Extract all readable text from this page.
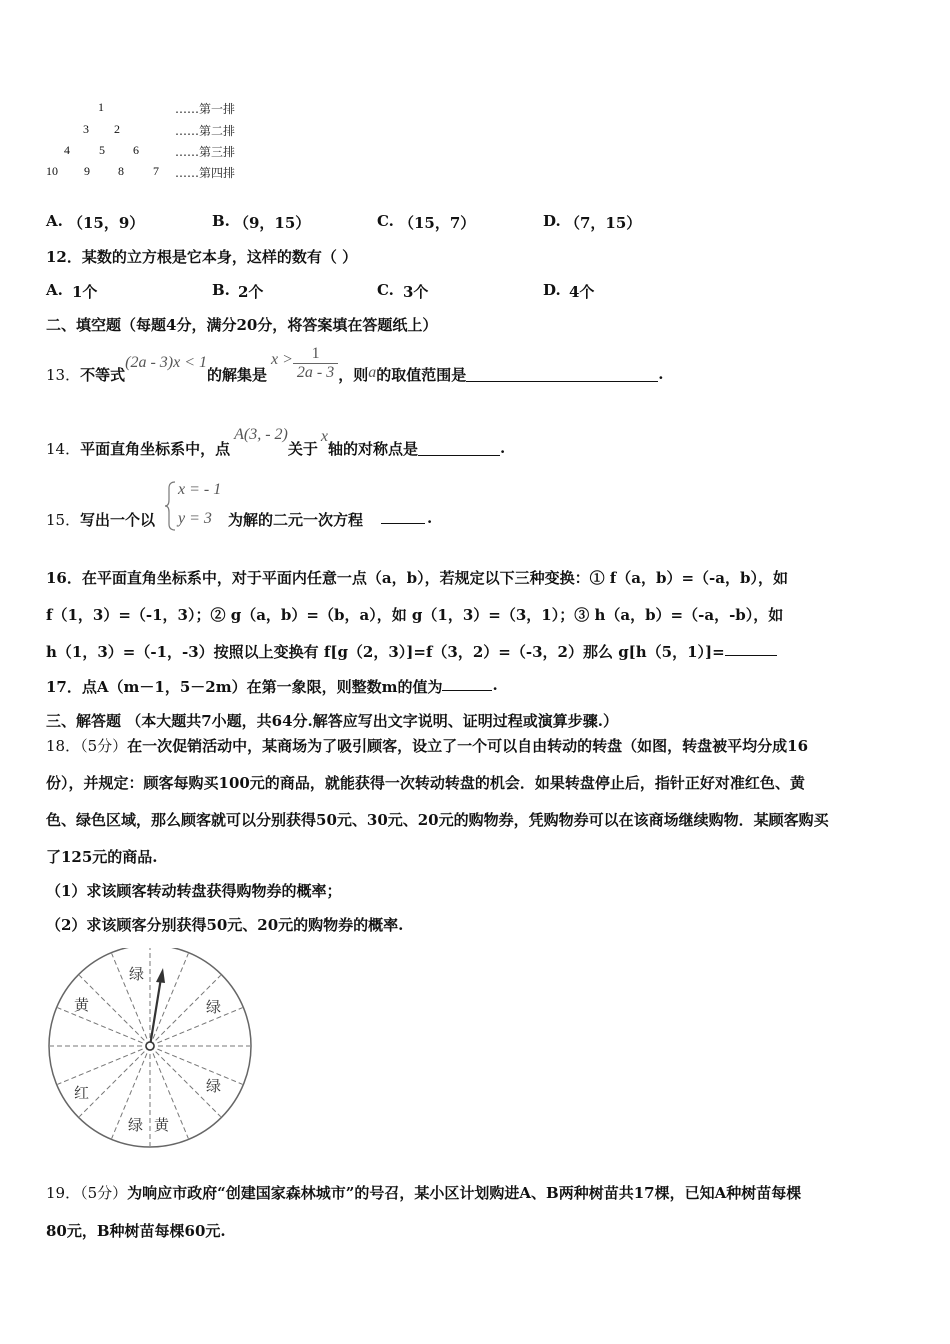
1	……第一排
3 2	……第二排
4 5 6	……第三排
10 9 8 7 ……第四排
A. （15，9）	B. （9，15）	C. （15，7）	D. （7，15）
12．某数的立方根是它本身，这样的数有（ ）
A. 1个	B. 2个	C. 3个	D. 4个
二、填空题（每题4分，满分20分，将答案填在答题纸上）
13． 不等式
(2a - 3)x < 1
的解集是
$x > \frac{1}{2a - 3}$ ，则 a 的取值范围是	.
14． 平面直角坐标系中，点
A(3, - 2)
关于
x
轴的对称点是	.
15． 写出一个以
x = - 1
y = 3 为解的二元一次方程	.
16．在平面直角坐标系中，对于平面内任意一点（a，b），若规定以下三种变换：① f（a，b）=（-a，b），如
f（1，3）=（-1，3）；② g（a，b）=（b，a），如 g（1，3）=（3，1）；③ h（a，b）=（-a，-b），如
h（1，3）=（-1，-3）按照以上变换有 f[g（2，3）]=f（3，2）=（-3，2）那么 g[h（5，1）]=
17．点A（m－1，5－2m）在第一象限，则整数m的值为	.
三、解答题 （本大题共7小题，共64分.解答应写出文字说明、证明过程或演算步骤.）
18．（5分） 在一次促销活动中，某商场为了吸引顾客，设立了一个可以自由转动的转盘（如图，转盘被平均分成16
份），并规定：顾客每购买100元的商品，就能获得一次转动转盘的机会．如果转盘停止后，指针正好对准红色、黄
色、绿色区域，那么顾客就可以分别获得50元、30元、20元的购物券，凭购物券可以在该商场继续购物．某顾客购买
了125元的商品.
（1）求该顾客转动转盘获得购物券的概率；
（2）求该顾客分别获得50元、20元的购物券的概率.
绿
绿
绿
绿
黄
黄
红
19．（5分） 为响应市政府“创建国家森林城市”的号召，某小区计划购进A、B两种树苗共17棵，已知A种树苗每棵
80元，B种树苗每棵60元.
